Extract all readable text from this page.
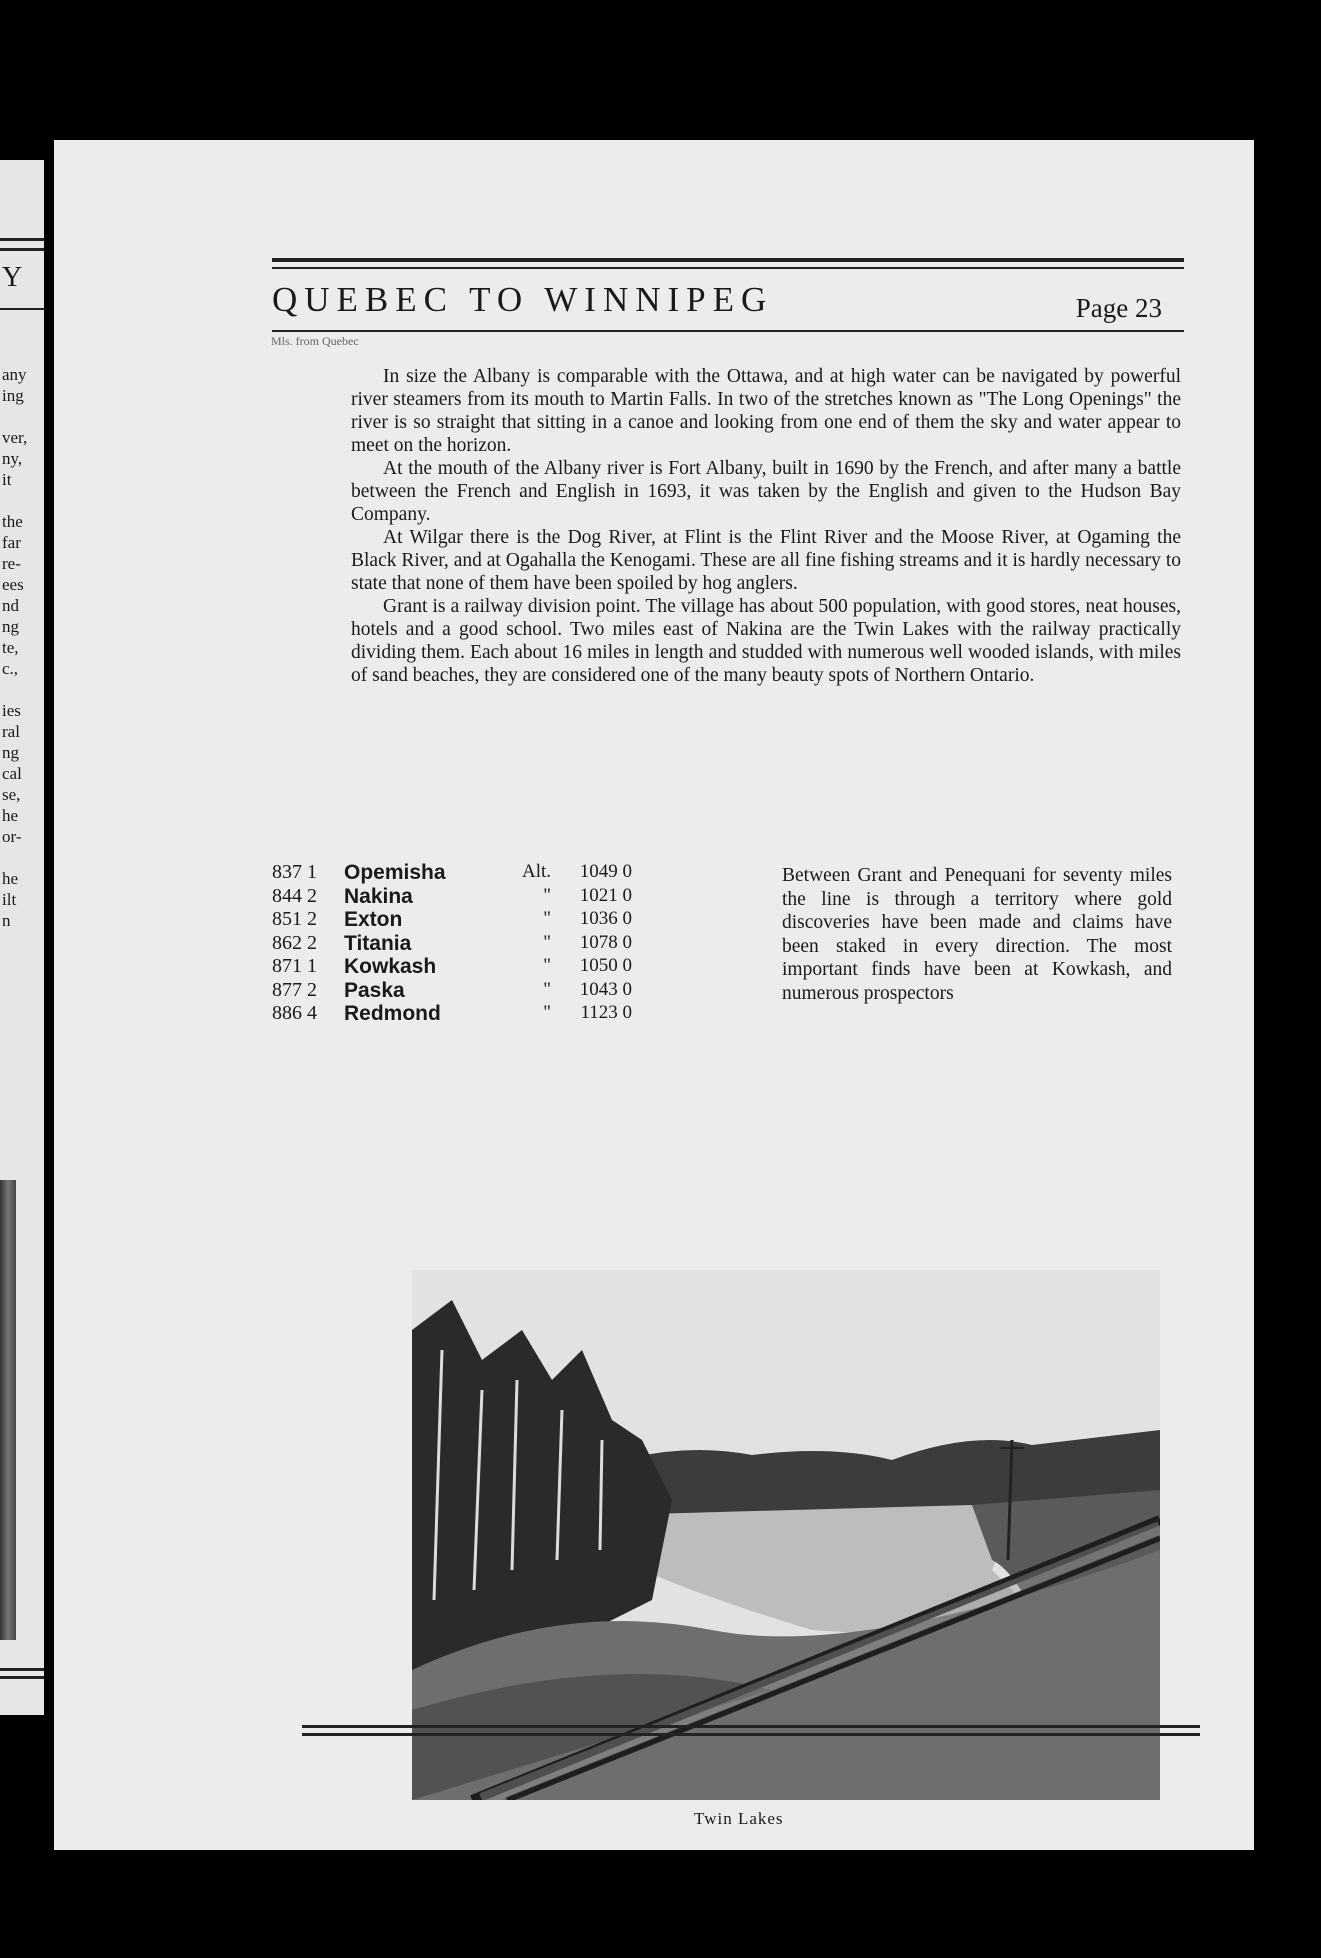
Y
any
ing
ver,
ny,
it
the
far
re-
ees
nd
ng
te,
c.,
ies
ral
ng
cal
se,
he
or-
he
ilt
n
QUEBEC TO WINNIPEG	Page 23
Mls. from Quebec

In size the Albany is comparable with the Ottawa, and at high water can be navigated by powerful river steamers from its mouth to Martin Falls. In two of the stretches known as "The Long Openings" the river is so straight that sitting in a canoe and looking from one end of them the sky and water appear to meet on the horizon.

At the mouth of the Albany river is Fort Albany, built in 1690 by the French, and after many a battle between the French and English in 1693, it was taken by the English and given to the Hudson Bay Company.

At Wilgar there is the Dog River, at Flint is the Flint River and the Moose River, at Ogaming the Black River, and at Ogahalla the Kenogami. These are all fine fishing streams and it is hardly necessary to state that none of them have been spoiled by hog anglers.

Grant is a railway division point. The village has about 500 population, with good stores, neat houses, hotels and a good school. Two miles east of Nakina are the Twin Lakes with the railway practically dividing them. Each about 16 miles in length and studded with numerous well wooded islands, with miles of sand beaches, they are considered one of the many beauty spots of Northern Ontario.

837 1	Opemisha	Alt.	1049 0
844 2	Nakina	"	1021 0
851 2	Exton	"	1036 0
862 2	Titania	"	1078 0
871 1	Kowkash	"	1050 0
877 2	Paska	"	1043 0
886 4	Redmond	"	1123 0
Between Grant and Penequani for seventy miles the line is through a territory where gold discoveries have been made and claims have been staked in every direction. The most important finds have been at Kowkash, and numerous prospectors
Twin Lakes
